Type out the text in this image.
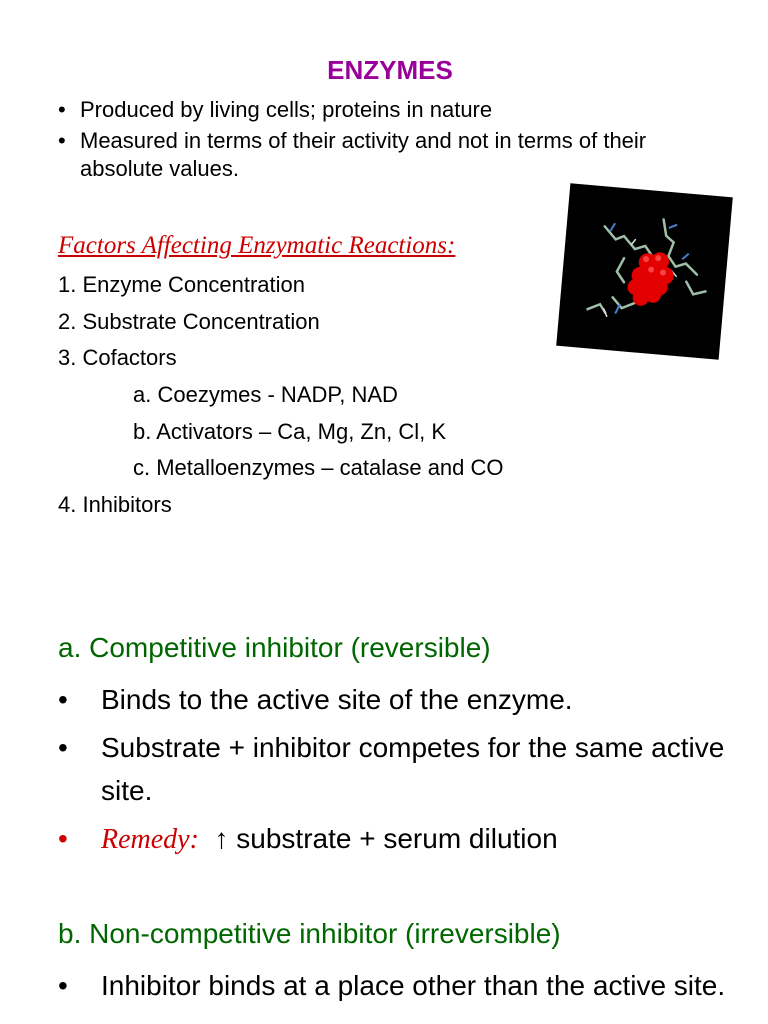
ENZYMES
• Produced by living cells; proteins in nature
• Measured in terms of their activity and not in terms of their absolute values.
Factors Affecting Enzymatic Reactions:
1. Enzyme Concentration
2. Substrate Concentration
3. Cofactors
a. Coezymes - NADP, NAD
b. Activators – Ca, Mg, Zn, Cl, K
c. Metalloenzymes – catalase and CO
4. Inhibitors
a. Competitive inhibitor (reversible)
• Binds to the active site of the enzyme.
• Substrate + inhibitor competes for the same active site.
• Remedy: ↑ substrate + serum dilution
b. Non-competitive inhibitor (irreversible)
• Inhibitor binds at a place other than the active site.
